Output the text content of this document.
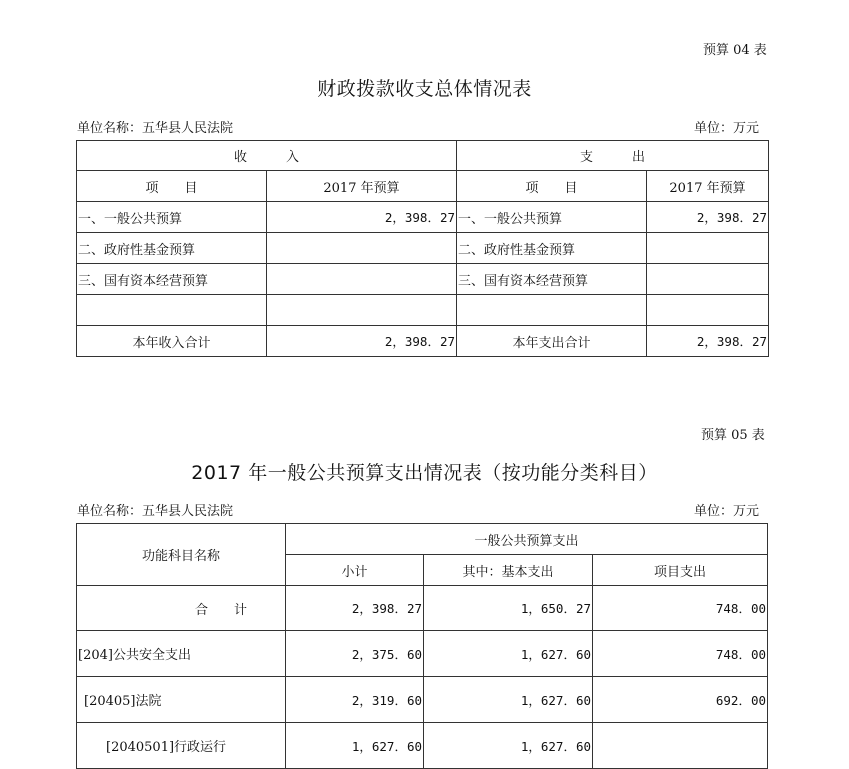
预算 04 表
财政拨款收支总体情况表
单位名称：五华县人民法院	单位：万元
收　　　入		支　　　出	
项　　目	2017 年预算	项　　目	2017 年预算
一、一般公共预算	2，398．27	一、一般公共预算	2，398．27
二、政府性基金预算		二、政府性基金预算	
三、国有资本经营预算		三、国有资本经营预算	

本年收入合计	2，398．27	本年支出合计	2，398．27
预算 05 表
2017 年一般公共预算支出情况表（按功能分类科目）
单位名称：五华县人民法院	单位：万元
功能科目名称	一般公共预算支出		
	小计	其中：基本支出	项目支出
合　　计	2，398．27	1，650．27	748．00
[204]公共安全支出	2，375．60	1，627．60	748．00
[20405]法院	2，319．60	1，627．60	692．00
[2040501]行政运行	1，627．60	1，627．60	
